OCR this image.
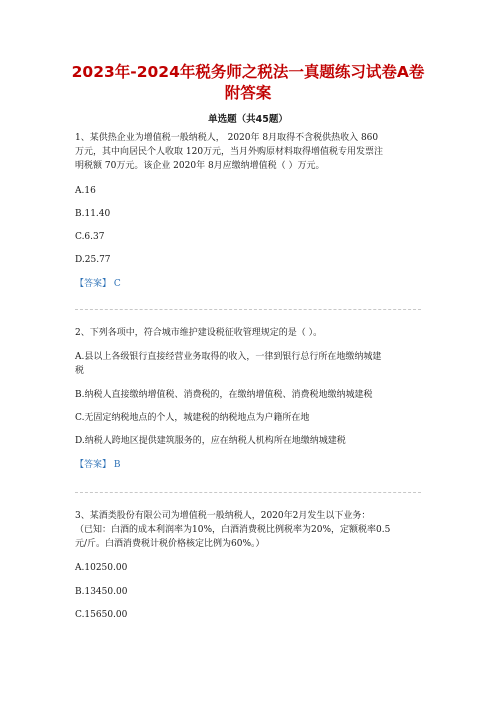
2023年-2024年税务师之税法一真题练习试卷A卷
附答案
单选题（共45题）
1、某供热企业为增值税一般纳税人， 2020年 8月取得不含税供热收入 860
万元，其中向居民个人收取 120万元，当月外购原材料取得增值税专用发票注
明税额 70万元。该企业 2020年 8月应缴纳增值税（ ）万元。
A.16
B.11.40
C.6.37
D.25.77
【答案】 C
2、下列各项中，符合城市维护建设税征收管理规定的是（ ）。
A.县以上各级银行直接经营业务取得的收入，一律到银行总行所在地缴纳城建
税
B.纳税人直接缴纳增值税、消费税的，在缴纳增值税、消费税地缴纳城建税
C.无固定纳税地点的个人，城建税的纳税地点为户籍所在地
D.纳税人跨地区提供建筑服务的，应在纳税人机构所在地缴纳城建税
【答案】 B
3、某酒类股份有限公司为增值税一般纳税人，2020年2月发生以下业务：
（已知：白酒的成本利润率为10%，白酒消费税比例税率为20%，定额税率0.5
元/斤。白酒消费税计税价格核定比例为60%。）
A.10250.00
B.13450.00
C.15650.00
